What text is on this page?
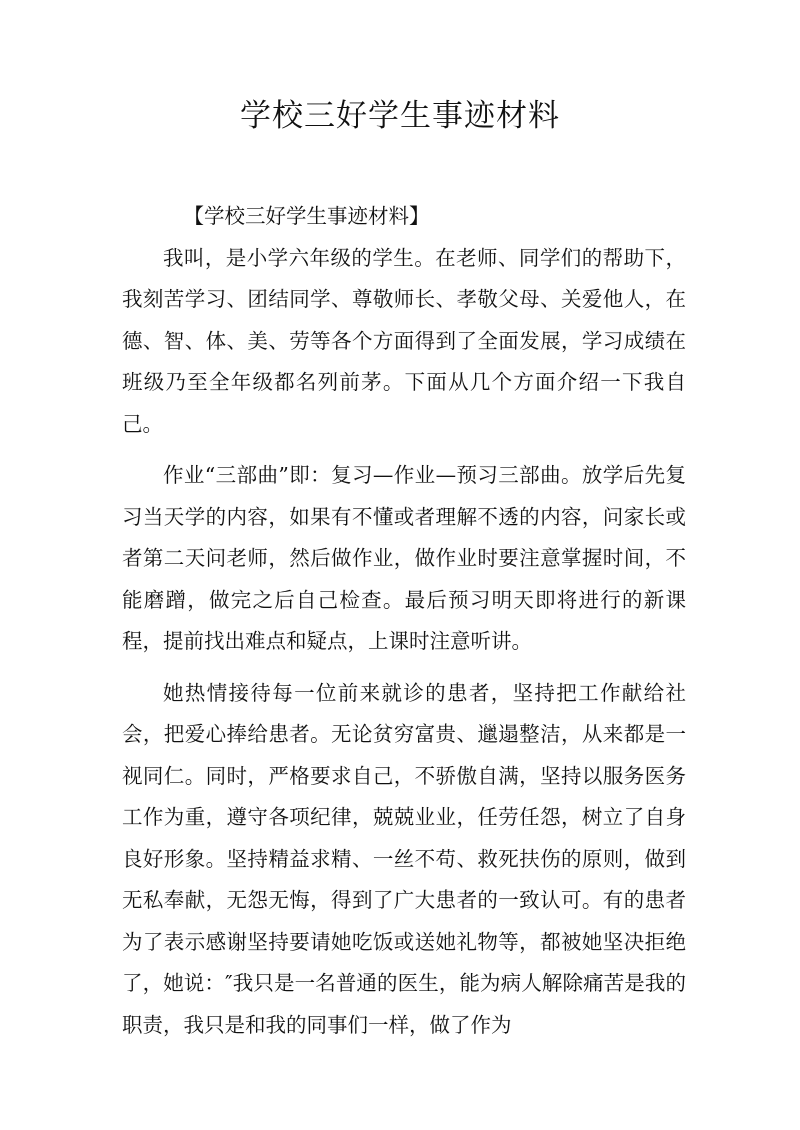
学校三好学生事迹材料

【学校三好学生事迹材料】

我叫，是小学六年级的学生。在老师、同学们的帮助下，我刻苦学习、团结同学、尊敬师长、孝敬父母、关爱他人，在德、智、体、美、劳等各个方面得到了全面发展，学习成绩在班级乃至全年级都名列前茅。下面从几个方面介绍一下我自己。

作业“三部曲”即：复习—作业—预习三部曲。放学后先复习当天学的内容，如果有不懂或者理解不透的内容，问家长或者第二天问老师，然后做作业，做作业时要注意掌握时间，不能磨蹭，做完之后自己检查。最后预习明天即将进行的新课程，提前找出难点和疑点，上课时注意听讲。

她热情接待每一位前来就诊的患者，坚持把工作献给社会，把爱心捧给患者。无论贫穷富贵、邋遢整洁，从来都是一视同仁。同时，严格要求自己，不骄傲自满，坚持以服务医务工作为重，遵守各项纪律，兢兢业业，任劳任怨，树立了自身良好形象。坚持精益求精、一丝不苟、救死扶伤的原则，做到无私奉献，无怨无悔，得到了广大患者的一致认可。有的患者为了表示感谢坚持要请她吃饭或送她礼物等，都被她坚决拒绝了，她说：″我只是一名普通的医生，能为病人解除痛苦是我的职责，我只是和我的同事们一样，做了作为
